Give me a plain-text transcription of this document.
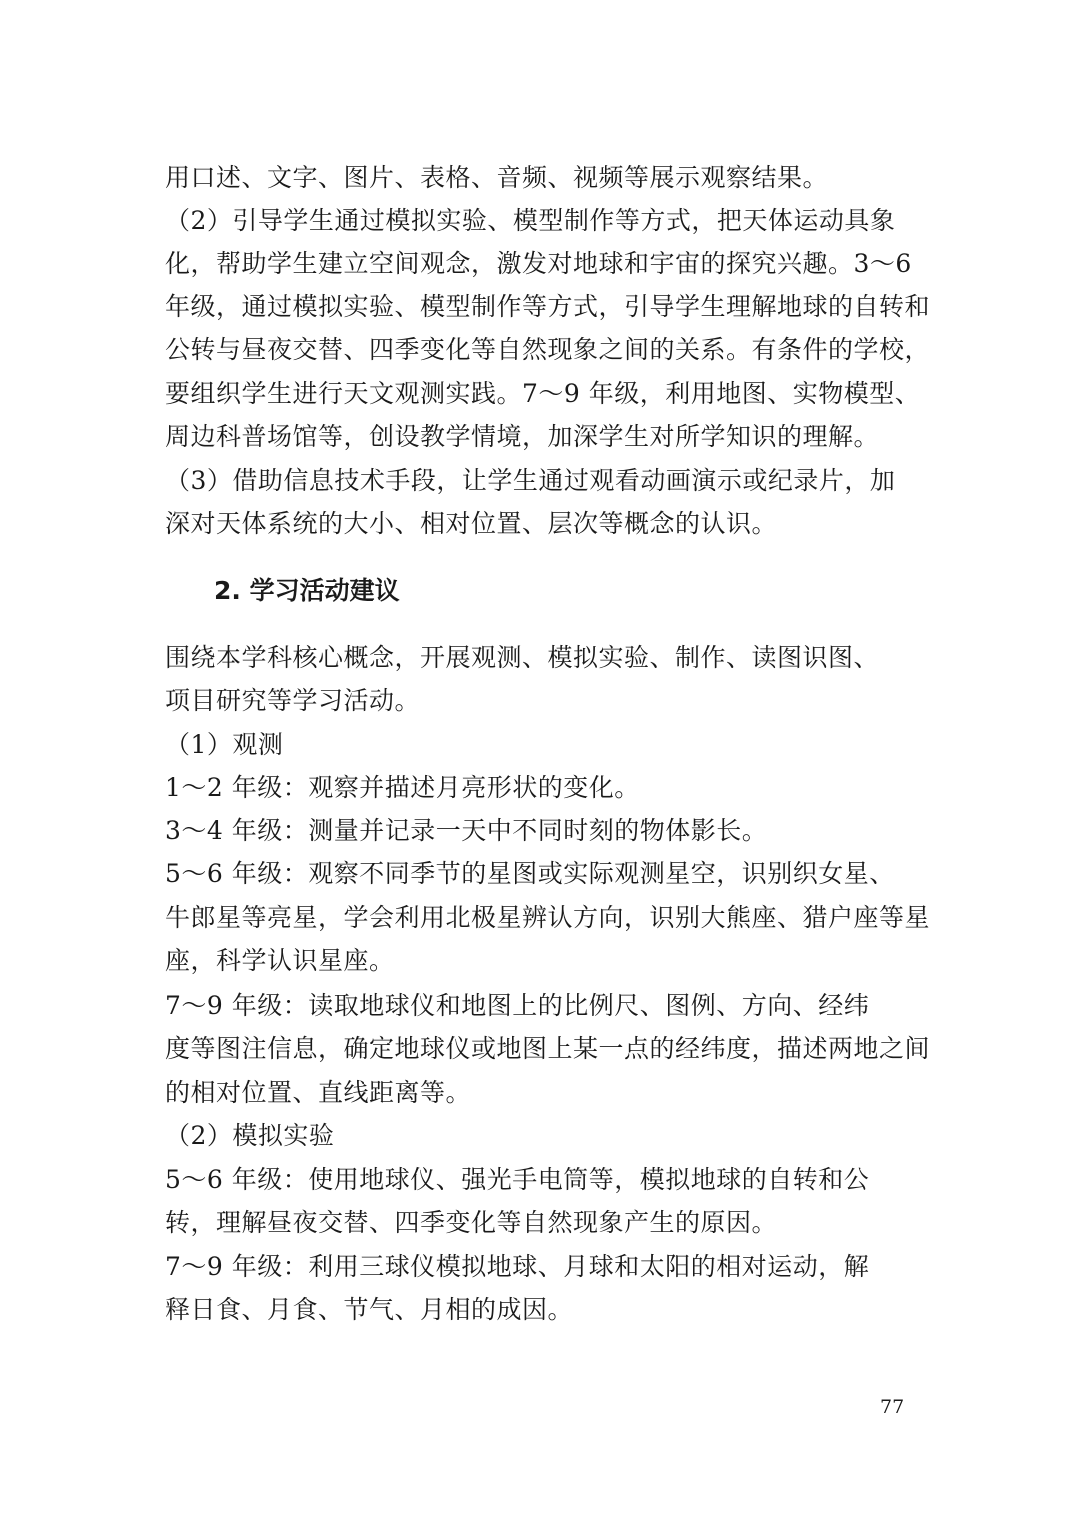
用口述、文字、图片、表格、音频、视频等展示观察结果。
（2）引导学生通过模拟实验、模型制作等方式，把天体运动具象
化，帮助学生建立空间观念，激发对地球和宇宙的探究兴趣。3～6
年级，通过模拟实验、模型制作等方式，引导学生理解地球的自转和
公转与昼夜交替、四季变化等自然现象之间的关系。有条件的学校，
要组织学生进行天文观测实践。7～9 年级，利用地图、实物模型、
周边科普场馆等，创设教学情境，加深学生对所学知识的理解。
（3）借助信息技术手段，让学生通过观看动画演示或纪录片，加
深对天体系统的大小、相对位置、层次等概念的认识。
2. 学习活动建议
围绕本学科核心概念，开展观测、模拟实验、制作、读图识图、
项目研究等学习活动。
（1）观测
1～2 年级：观察并描述月亮形状的变化。
3～4 年级：测量并记录一天中不同时刻的物体影长。
5～6 年级：观察不同季节的星图或实际观测星空，识别织女星、
牛郎星等亮星，学会利用北极星辨认方向，识别大熊座、猎户座等星
座，科学认识星座。
7～9 年级：读取地球仪和地图上的比例尺、图例、方向、经纬
度等图注信息，确定地球仪或地图上某一点的经纬度，描述两地之间
的相对位置、直线距离等。
（2）模拟实验
5～6 年级：使用地球仪、强光手电筒等，模拟地球的自转和公
转，理解昼夜交替、四季变化等自然现象产生的原因。
7～9 年级：利用三球仪模拟地球、月球和太阳的相对运动，解
释日食、月食、节气、月相的成因。
77
